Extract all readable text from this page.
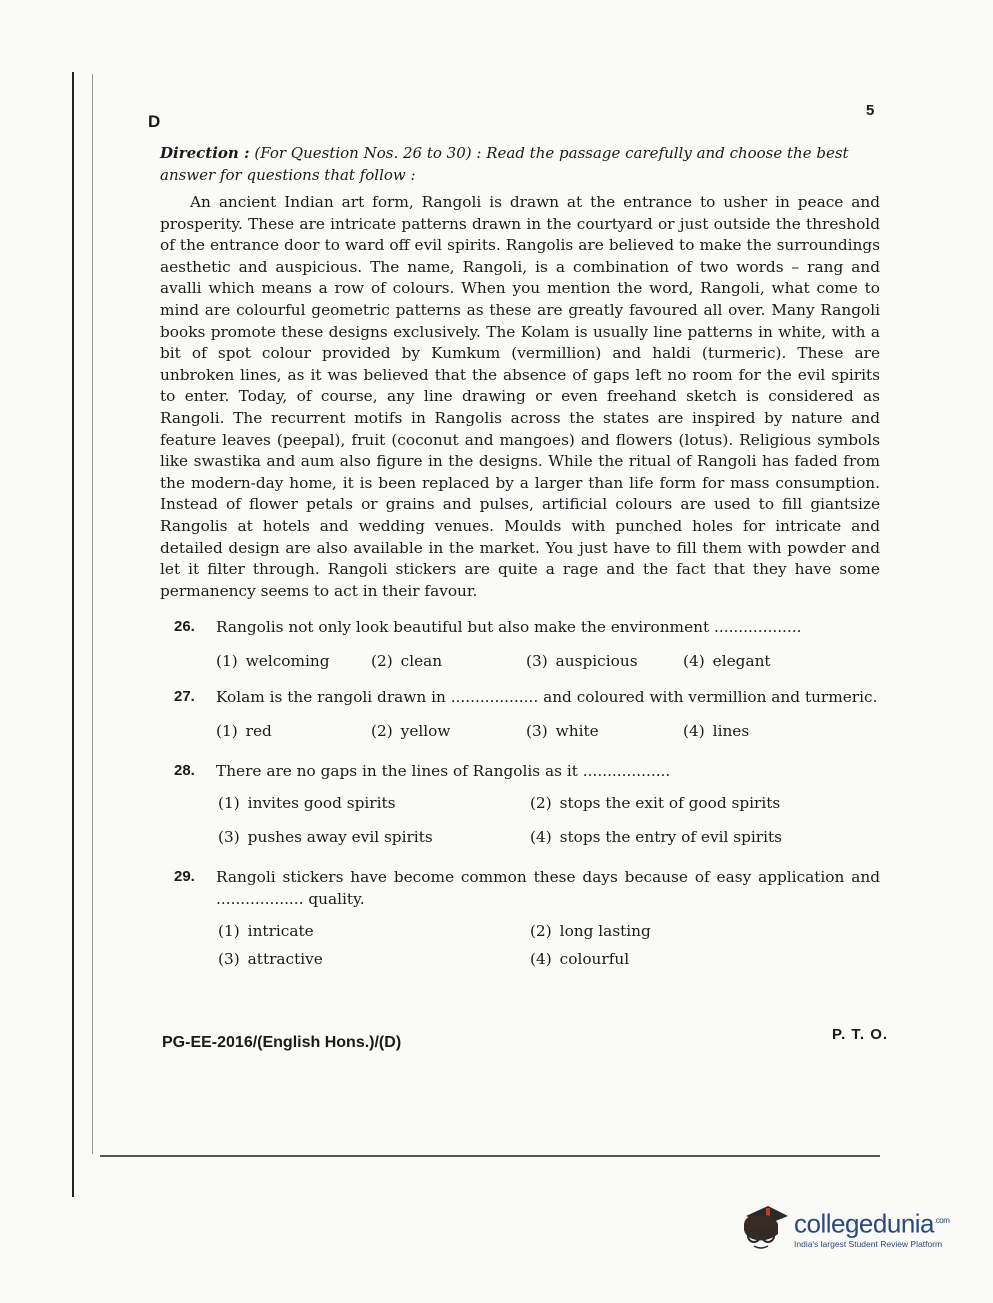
D
5

Direction : (For Question Nos. 26 to 30) : Read the passage carefully and choose the best answer for questions that follow :

An ancient Indian art form, Rangoli is drawn at the entrance to usher in peace and prosperity. These are intricate patterns drawn in the courtyard or just outside the threshold of the entrance door to ward off evil spirits. Rangolis are believed to make the surroundings aesthetic and auspicious. The name, Rangoli, is a combination of two words – rang and avalli which means a row of colours. When you mention the word, Rangoli, what come to mind are colourful geometric patterns as these are greatly favoured all over. Many Rangoli books promote these designs exclusively. The Kolam is usually line patterns in white, with a bit of spot colour provided by Kumkum (vermillion) and haldi (turmeric). These are unbroken lines, as it was believed that the absence of gaps left no room for the evil spirits to enter. Today, of course, any line drawing or even freehand sketch is considered as Rangoli. The recurrent motifs in Rangolis across the states are inspired by nature and feature leaves (peepal), fruit (coconut and mangoes) and flowers (lotus). Religious symbols like swastika and aum also figure in the designs. While the ritual of Rangoli has faded from the modern-day home, it is been replaced by a larger than life form for mass consumption. Instead of flower petals or grains and pulses, artificial colours are used to fill giantsize Rangolis at hotels and wedding venues. Moulds with punched holes for intricate and detailed design are also available in the market. You just have to fill them with powder and let it filter through. Rangoli stickers are quite a rage and the fact that they have some permanency seems to act in their favour.

26.	Rangolis not only look beautiful but also make the environment ..................
(1) welcoming	(2) clean	(3) auspicious	(4) elegant
27.	Kolam is the rangoli drawn in .................. and coloured with vermillion and turmeric.
(1) red	(2) yellow	(3) white	(4) lines
28.	There are no gaps in the lines of Rangolis as it ..................
(1) invites good spirits	(2) stops the exit of good spirits
(3) pushes away evil spirits	(4) stops the entry of evil spirits
29.	Rangoli stickers have become common these days because of easy application and .................. quality.
(1) intricate	(2) long lasting
(3) attractive	(4) colourful
PG-EE-2016/(English Hons.)/(D)	P. T. O.
collegedunia$^{.com}$
India's largest Student Review Platform
